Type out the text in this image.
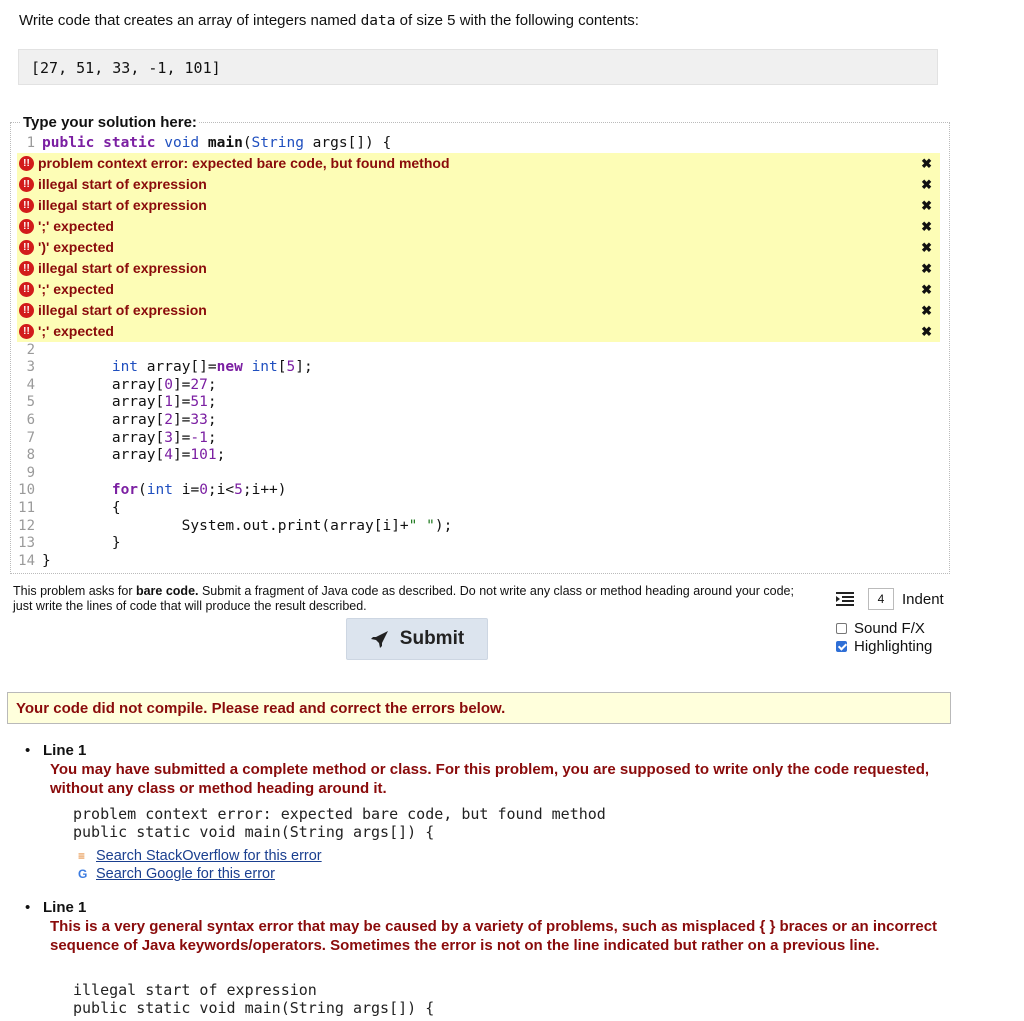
Write code that creates an array of integers named data of size 5 with the following contents:
[27, 51, 33, -1, 101]
Type your solution here:
1 public static void main(String args[]) {
!! problem context error: expected bare code, but found method	✖
!! illegal start of expression	✖
!! illegal start of expression	✖
!! ';' expected	✖
!! ')' expected	✖
!! illegal start of expression	✖
!! ';' expected	✖
!! illegal start of expression	✖
!! ';' expected	✖
2
3	int array[]=new int[5];
4 array[0]=27;
5 array[1]=51;
6 array[2]=33;
7 array[3]=-1;
8 array[4]=101;
9
10	for(int i=0;i<5;i++)
11 {
12 System.out.print(array[i]+" ");
13 }
14 }
This problem asks for bare code. Submit a fragment of Java code as described. Do not write any class or method heading around your code; just write the lines of code that will produce the result described.
Submit
4	Indent
Sound F/X
Highlighting
Your code did not compile. Please read and correct the errors below.
• Line 1
You may have submitted a complete method or class. For this problem, you are supposed to write only the code requested, without any class or method heading around it.
problem context error: expected bare code, but found method
public static void main(String args[]) {
≡ Search StackOverflow for this error
G Search Google for this error
• Line 1
This is a very general syntax error that may be caused by a variety of problems, such as misplaced { } braces or an incorrect sequence of Java keywords/operators. Sometimes the error is not on the line indicated but rather on a previous line.
illegal start of expression
public static void main(String args[]) {
